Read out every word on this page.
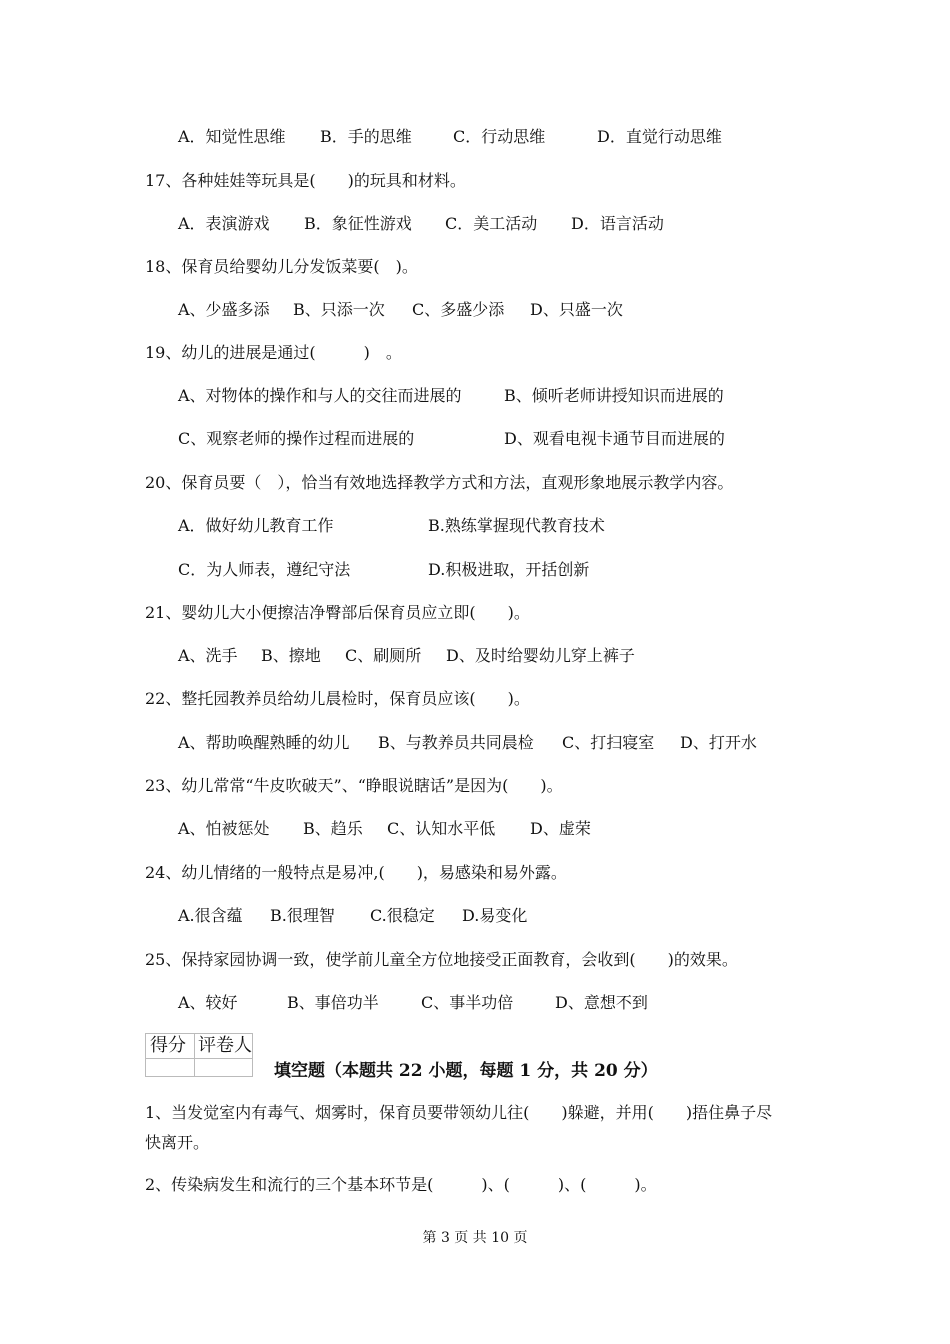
A．知觉性思维 B．手的思维	C．行动思维	D．直觉行动思维
17、各种娃娃等玩具是(　　)的玩具和材料。
A．表演游戏 B．象征性游戏 C．美工活动 D．语言活动
18、保育员给婴幼儿分发饭菜要(　)。
A、少盛多添 B、只添一次 C、多盛少添 D、只盛一次
19、幼儿的进展是通过(　　　)　。
A、对物体的操作和与人的交往而进展的	B、倾听老师讲授知识而进展的
C、观察老师的操作过程而进展的	D、观看电视卡通节目而进展的
20、保育员要（　），恰当有效地选择教学方式和方法，直观形象地展示教学内容。
A．做好幼儿教育工作	B.熟练掌握现代教育技术
C．为人师表，遵纪守法	D.积极进取，开括创新
21、婴幼儿大小便擦洁净臀部后保育员应立即(　　)。
A、洗手 B、擦地 C、刷厕所 D、及时给婴幼儿穿上裤子
22、整托园教养员给幼儿晨检时，保育员应该(　　)。
A、帮助唤醒熟睡的幼儿 B、与教养员共同晨检 C、打扫寝室 D、打开水
23、幼儿常常“牛皮吹破天”、“睁眼说瞎话”是因为(　　)。
A、怕被惩处 B、趋乐 C、认知水平低 D、虚荣
24、幼儿情绪的一般特点是易冲,(　　)，易感染和易外露。
A.很含蕴 B.很理智 C.很稳定 D.易变化
25、保持家园协调一致，使学前儿童全方位地接受正面教育，会收到(　　)的效果。
A、较好	B、事倍功半	C、事半功倍	D、意想不到
得分 评卷人
填空题（本题共 22 小题，每题 1 分，共 20 分）
1、当发觉室内有毒气、烟雾时，保育员要带领幼儿往(　　)躲避，并用(　　)捂住鼻子尽
快离开。
2、传染病发生和流行的三个基本环节是(　　　)、(　　　)、(　　　)。
第 3 页 共 10 页
